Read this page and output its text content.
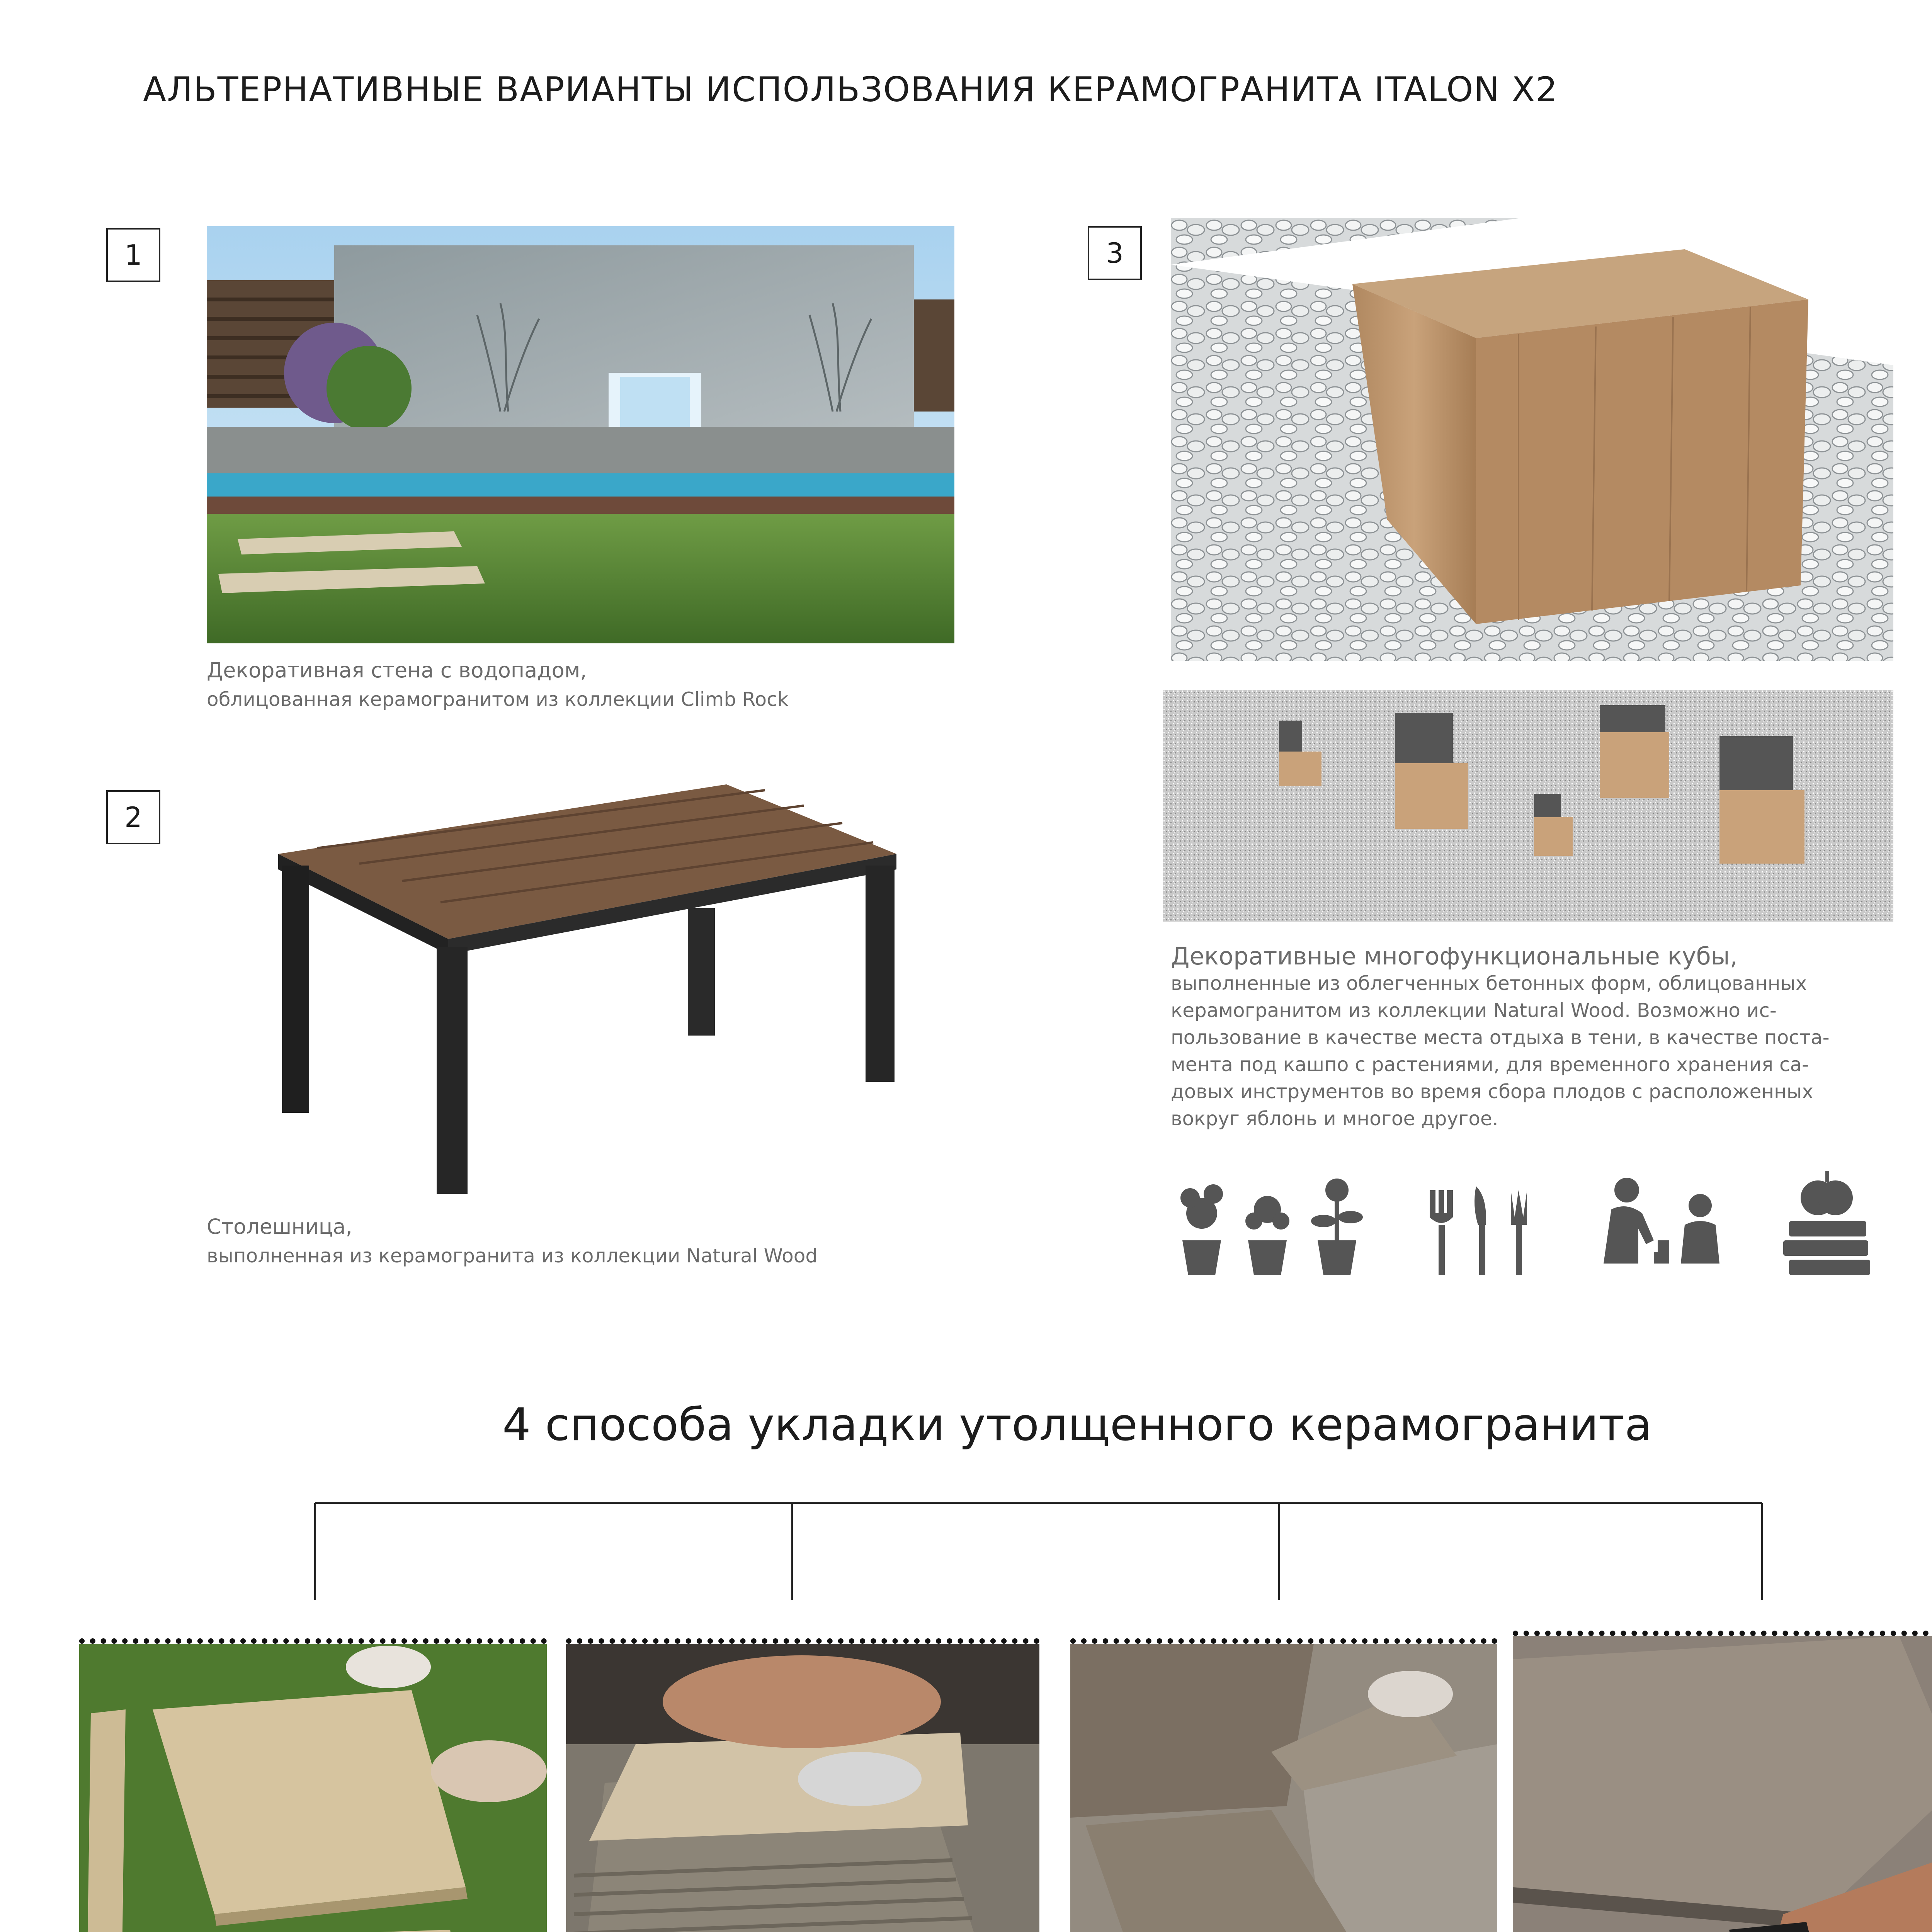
АЛЬТЕРНАТИВНЫЕ ВАРИАНТЫ ИСПОЛЬЗОВАНИЯ КЕРАМОГРАНИТА ITALON X2
1
Декоративная стена с водопадом,
облицованная керамогранитом из коллекции Climb Rock
2
Столешница,
выполненная из керамогранита из коллекции Natural Wood
3
Декоративные многофункциональные кубы,
выполненные из облегченных бетонных форм, облицованных
керамогранитом из коллекции Natural Wood. Возможно ис-
пользование в качестве места отдыха в тени, в качестве поста-
мента под кашпо с растениями, для временного хранения са-
довых инструментов во время сбора плодов с расположенных
вокруг яблонь и многое другое.
4 способа укладки утолщенного керамогранита
